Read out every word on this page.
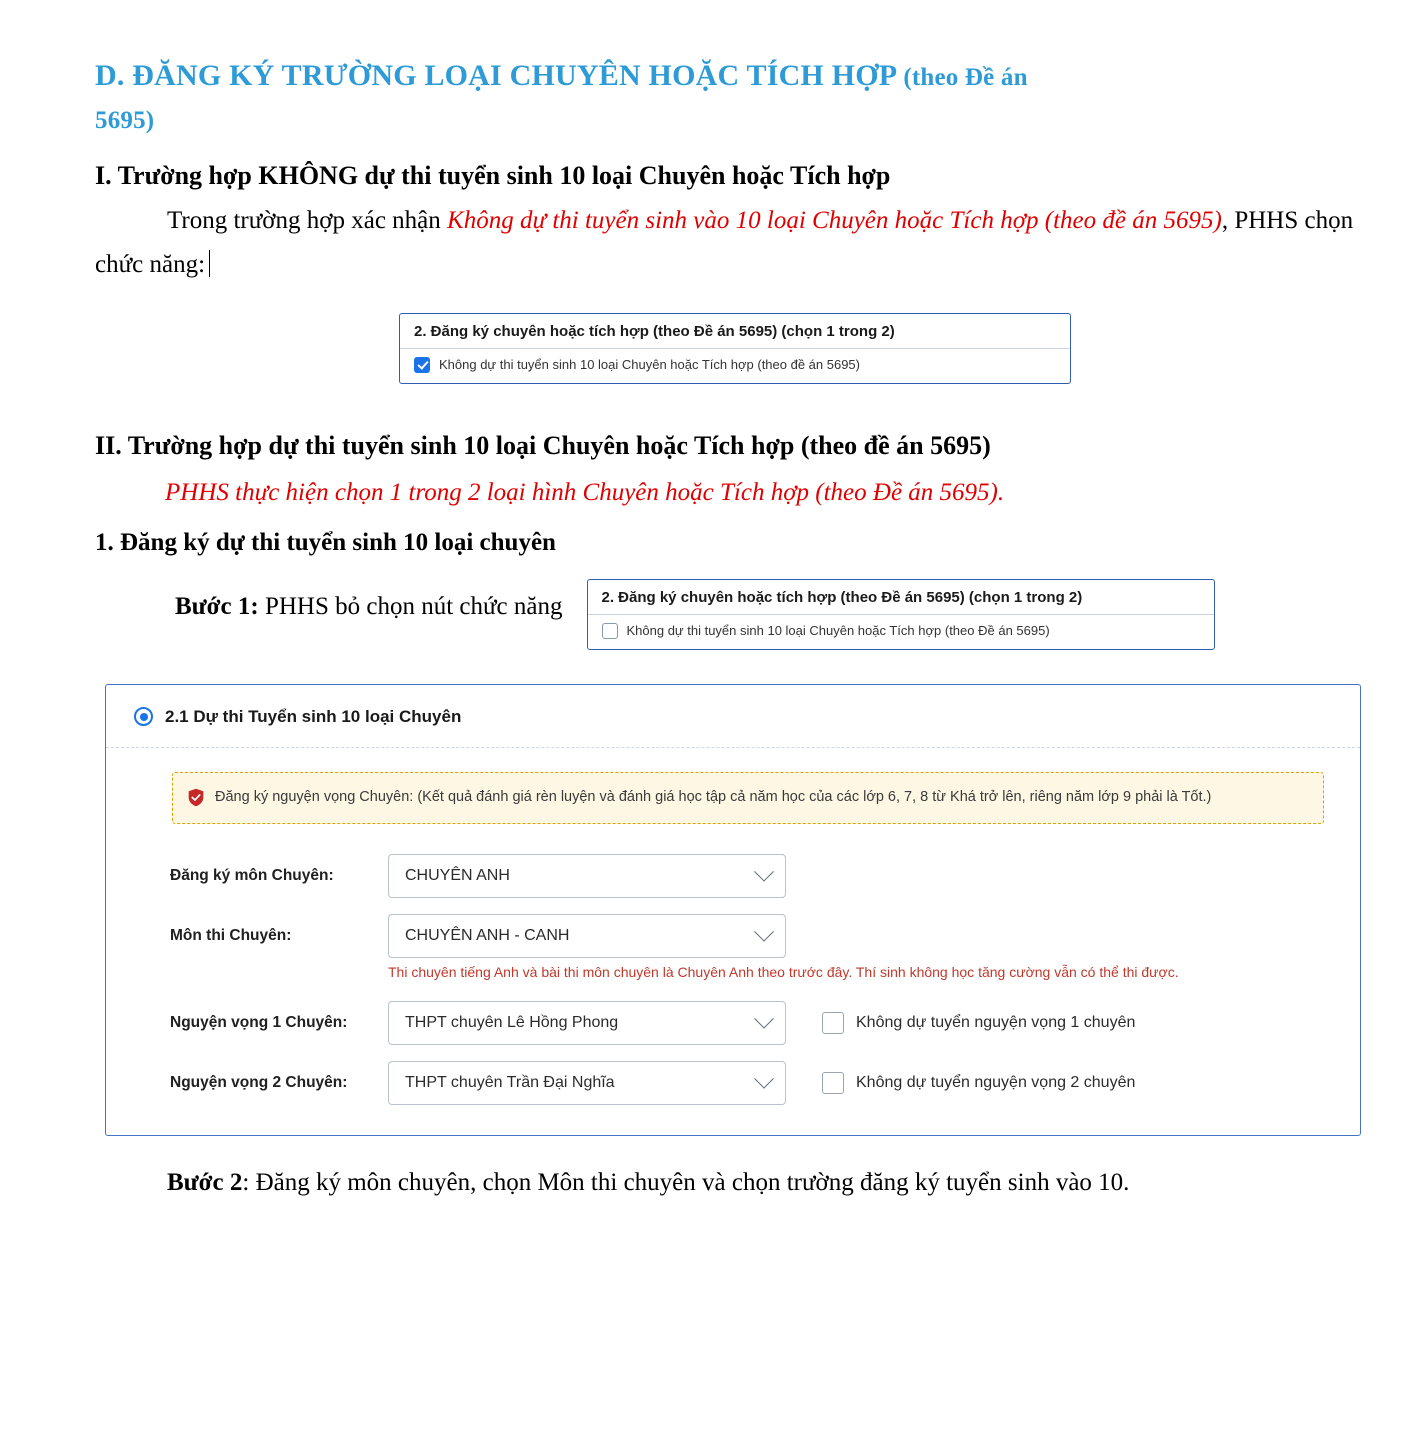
D. ĐĂNG KÝ TRƯỜNG LOẠI CHUYÊN HOẶC TÍCH HỢP (theo Đề án
5695)
I. Trường hợp KHÔNG dự thi tuyển sinh 10 loại Chuyên hoặc Tích hợp

Trong trường hợp xác nhận Không dự thi tuyển sinh vào 10 loại Chuyên hoặc Tích hợp (theo đề án 5695), PHHS chọn chức năng:

2. Đăng ký chuyên hoặc tích hợp (theo Đề án 5695) (chọn 1 trong 2)
Không dự thi tuyển sinh 10 loại Chuyên hoặc Tích hợp (theo đề án 5695)
II. Trường hợp dự thi tuyển sinh 10 loại Chuyên hoặc Tích hợp (theo đề án 5695)
PHHS thực hiện chọn 1 trong 2 loại hình Chuyên hoặc Tích hợp (theo Đề án 5695).
1. Đăng ký dự thi tuyển sinh 10 loại chuyên
Bước 1: PHHS bỏ chọn nút chức năng	2. Đăng ký chuyên hoặc tích hợp (theo Đề án 5695) (chọn 1 trong 2)
Không dự thi tuyển sinh 10 loại Chuyên hoặc Tích hợp (theo Đề án 5695)
2.1 Dự thi Tuyển sinh 10 loại Chuyên
Đăng ký nguyện vọng Chuyên: (Kết quả đánh giá rèn luyện và đánh giá học tập cả năm học của các lớp 6, 7, 8 từ Khá trở lên, riêng năm lớp 9 phải là Tốt.)
Đăng ký môn Chuyên:	CHUYÊN ANH
Môn thi Chuyên:	CHUYÊN ANH - CANH
Thi chuyên tiếng Anh và bài thi môn chuyên là Chuyên Anh theo trước đây. Thí sinh không học tăng cường vẫn có thể thi được.
Nguyện vọng 1 Chuyên:	THPT chuyên Lê Hồng Phong	Không dự tuyển nguyện vọng 1 chuyên
Nguyện vọng 2 Chuyên:	THPT chuyên Trần Đại Nghĩa	Không dự tuyển nguyện vọng 2 chuyên

Bước 2: Đăng ký môn chuyên, chọn Môn thi chuyên và chọn trường đăng ký tuyển sinh vào 10.
